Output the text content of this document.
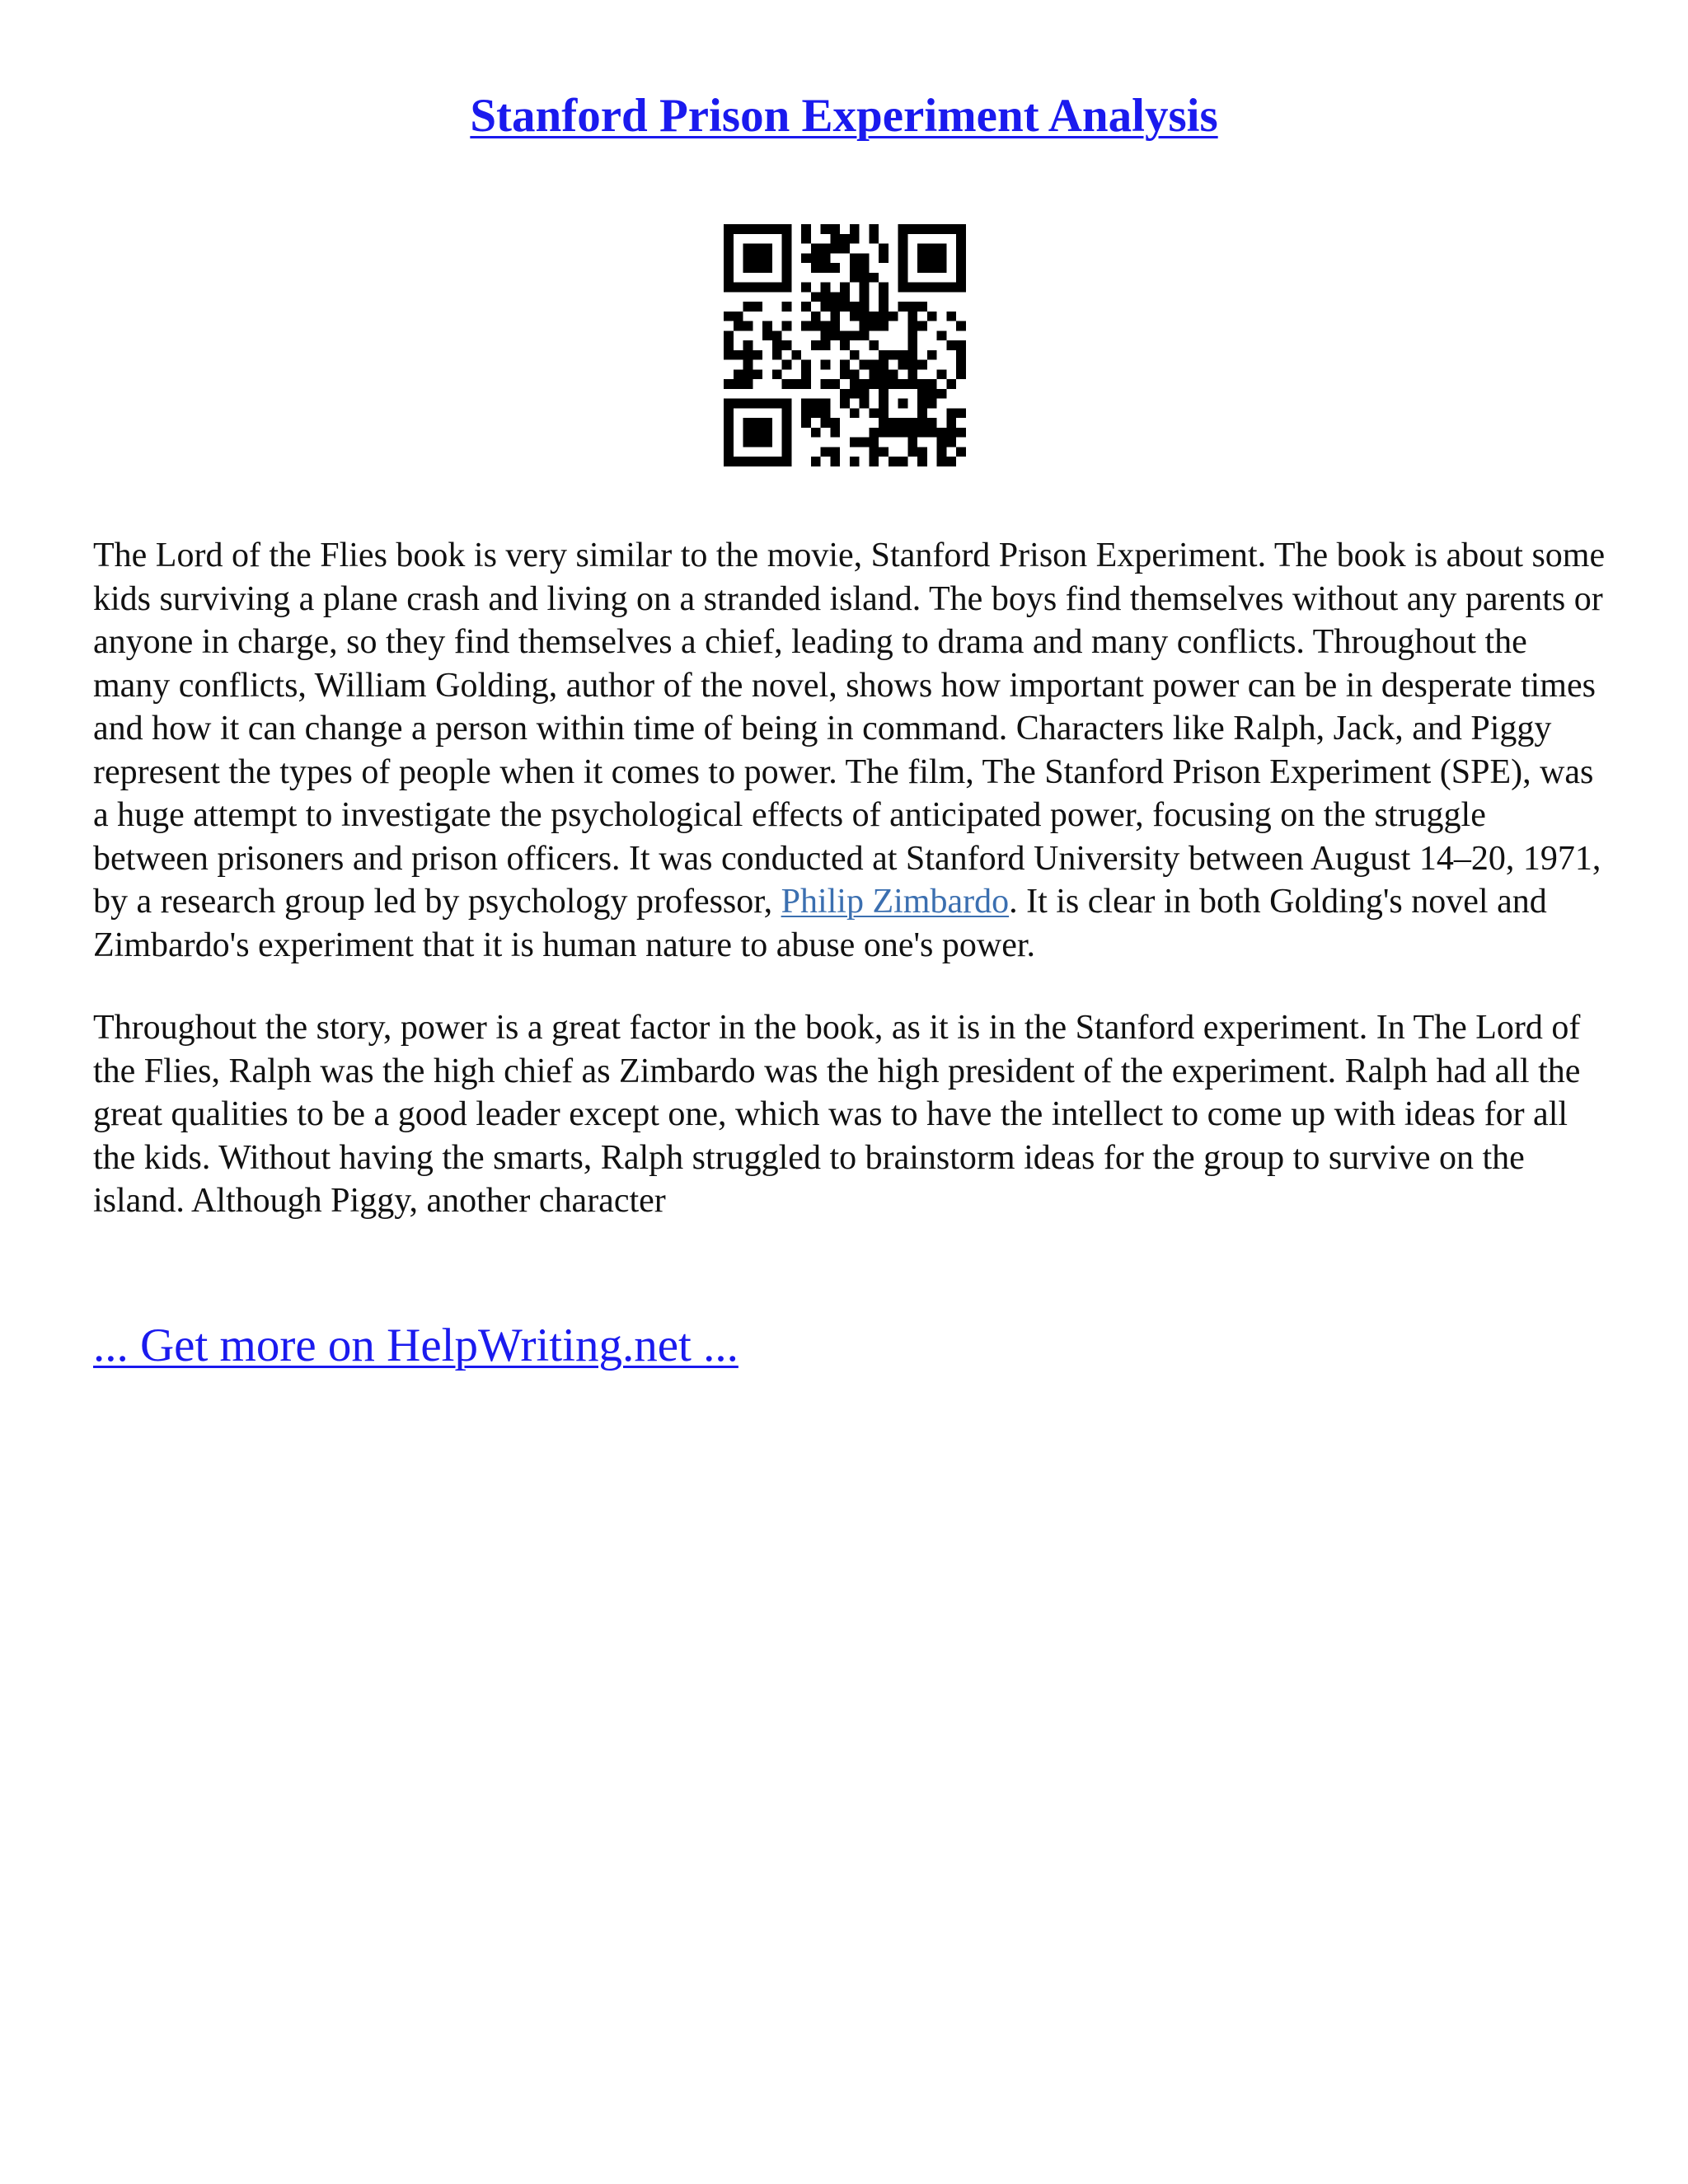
Stanford Prison Experiment Analysis

The Lord of the Flies book is very similar to the movie, Stanford Prison Experiment. The book is about some kids surviving a plane crash and living on a stranded island. The boys find themselves without any parents or anyone in charge, so they find themselves a chief, leading to drama and many conflicts. Throughout the many conflicts, William Golding, author of the novel, shows how important power can be in desperate times and how it can change a person within time of being in command. Characters like Ralph, Jack, and Piggy represent the types of people when it comes to power. The film, The Stanford Prison Experiment (SPE), was a huge attempt to investigate the psychological effects of anticipated power, focusing on the struggle between prisoners and prison officers. It was conducted at Stanford University between August 14–20, 1971, by a research group led by psychology professor, Philip Zimbardo. It is clear in both Golding's novel and Zimbardo's experiment that it is human nature to abuse one's power.

Throughout the story, power is a great factor in the book, as it is in the Stanford experiment. In The Lord of the Flies, Ralph was the high chief as Zimbardo was the high president of the experiment. Ralph had all the great qualities to be a good leader except one, which was to have the intellect to come up with ideas for all the kids. Without having the smarts, Ralph struggled to brainstorm ideas for the group to survive on the island. Although Piggy, another character

... Get more on HelpWriting.net ...
